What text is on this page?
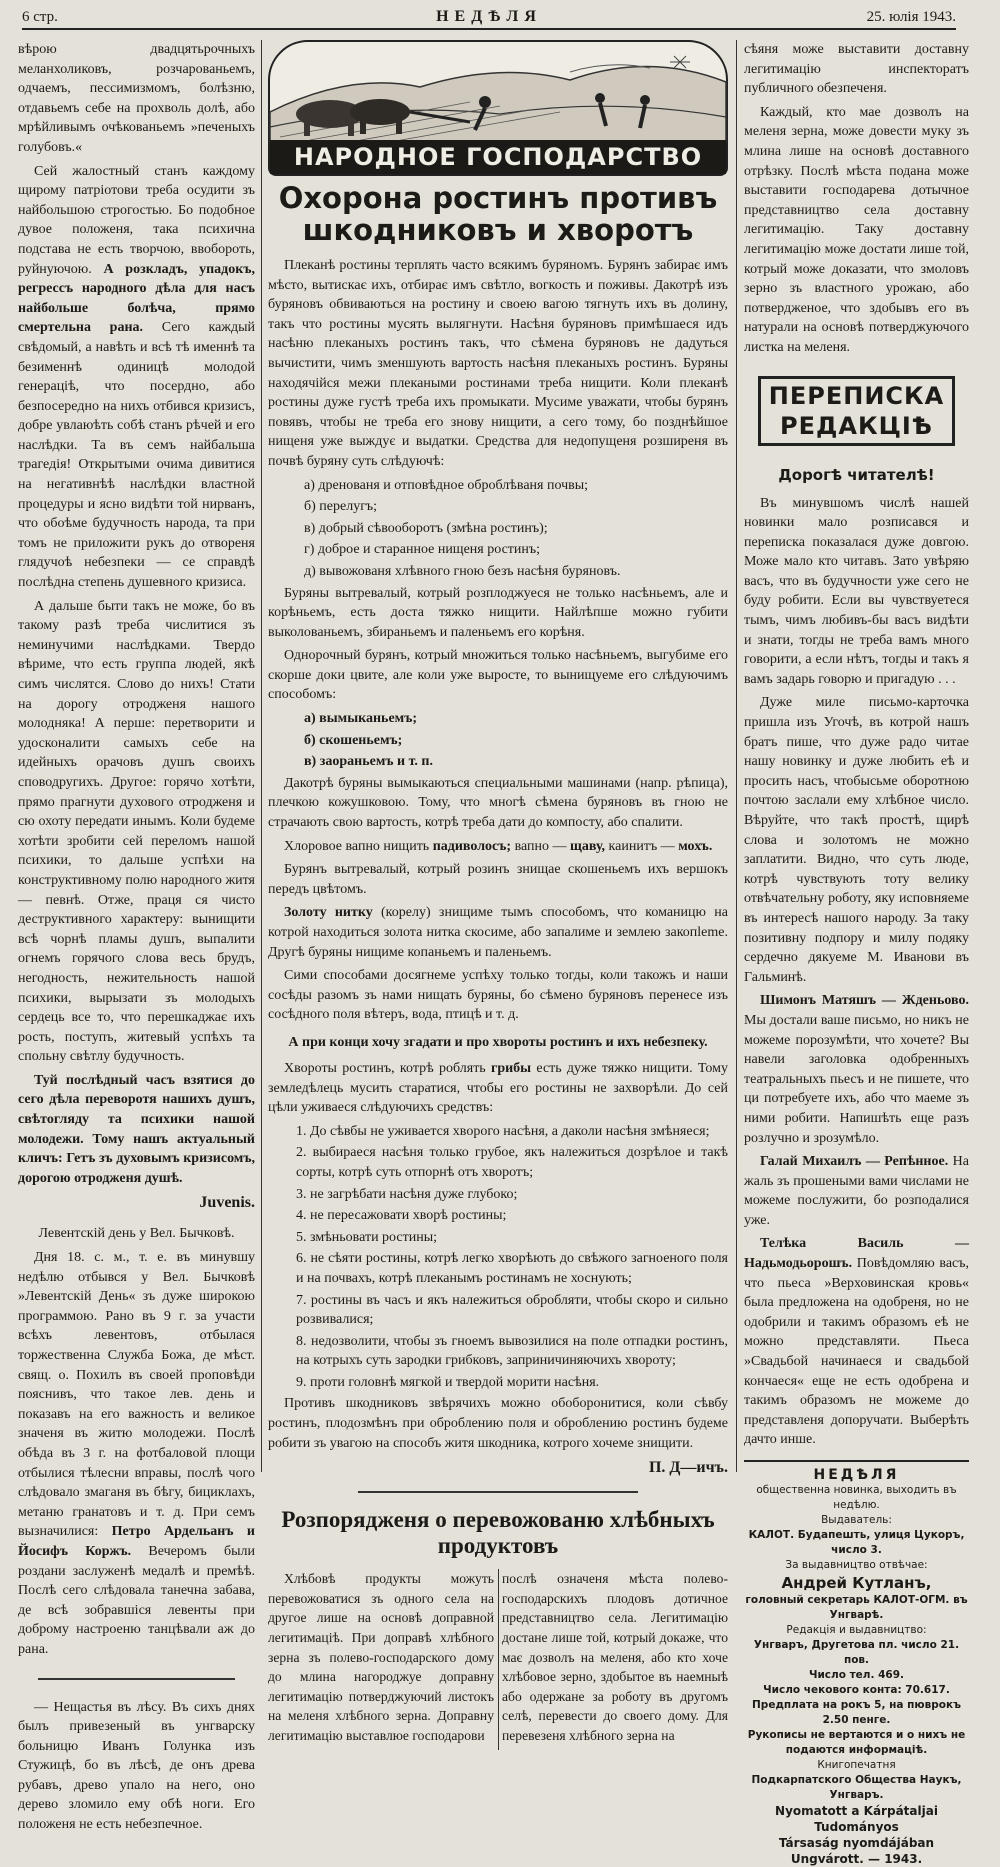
6 стр.	НЕДѢЛЯ	25. юлія 1943.

вѣрою двадцятьрочныхъ меланхоликовъ, розчарованьемъ, одчаемъ, пессимизмомъ, болѣзню, отдавьемъ себе на прохволь долѣ, або мрѣйливымъ очѣкованьемъ »печеныхъ голубовъ.«

Сей жалостный станъ каждому щирому патріотови треба осудити зъ найбольшою строгостью. Бо подобное дувое положеня, така психична подстава не есть творчою, ввобороть, руйнуючою. А розкладъ, упадокъ, регрессъ народного дѣла для насъ найбольше болѣча, прямо смертельна рана. Сего каждый свѣдомый, а навѣть и всѣ тѣ именнѣ та безименнѣ одиницѣ молодой генераціѣ, что посердно, або безпосередно на нихъ отбився кризисъ, добре увлаюѣть собѣ станъ рѣчей и его наслѣдки. Та въ семъ найбальша трагедія! Открытыми очима дивитися на негативнѣѣ наслѣдки властной процедуры и ясно видѣти той нирванъ, что обоѣме будучность народа, та при томъ не приложити рукъ до отвореня глядучоѣ небезпеки — се справдѣ послѣдна степень душевного кризиса.

А дальше быти такъ не може, бо въ такому разѣ треба числитися зъ неминучими наслѣдками. Твердо вѣриме, что есть группа людей, якѣ симъ числятся. Слово до нихъ! Стати на дорогу отродженя нашого молодняка! А перше: перетворити и удосконалити самыхъ себе на идейныхъ орачовъ душъ своихъ споводругихъ. Другое: горячо хотѣти, прямо прагнути духового отродженя и сю охоту передати инымъ. Коли будеме хотѣти зробити сей переломъ нашой психики, то дальше успѣхи на конструктивному полю народного житя — певнѣ. Отже, праця ся чисто деструктивного характеру: вынищити всѣ чорнѣ пламы душъ, выпалити огнемъ горячого слова весь брудъ, негодность, нежительность нашой психики, вырызати зъ молодыхъ сердець все то, что перешкаджає ихъ рость, поступъ, житевый успѣхъ та спольну свѣтлу будучность.

Туй послѣдный часъ взятися до сего дѣла переворотя нашихъ душъ, свѣтогляду та психики нашой молодежи. Тому нашъ актуальный кличъ: Гетъ зъ духовымъ кризисомъ, дорогою отродженя душѣ.

Juvenis.

Левентскій день у Вел. Бычковѣ.

Дня 18. с. м., т. е. въ минувшу недѣлю отбывся у Вел. Бычковѣ »Левентскій День« зъ дуже широкою программою. Рано въ 9 г. за участи всѣхъ левентовъ, отбылася торжественна Служба Божа, де мѣст. свящ. о. Похилъ въ своей проповѣди пояснивъ, что такое лев. день и показавъ на его важность и великое значеня въ житю молодежи. Послѣ обѣда въ 3 г. на фотбаловой площи отбылися тѣлесни вправы, послѣ чого слѣдовало змаганя въ бѣгу, бициклахъ, метаню гранатовъ и т. д. При семъ вызначилися: Петро Ардельанъ и Йосифъ Коржъ. Вечеромъ были роздани заслуженѣ медалѣ и премѣѣ. Послѣ сего слѣдовала танечна забава, де всѣ зобравшіся левенты при доброму настроеню танцѣвали аж до рана.

— Нещастья въ лѣсу. Въ сихъ днях былъ привезеный въ унгварску больницю Иванъ Голунка изъ Стужицѣ, бо въ лѣсѣ, де онъ древа рубавъ, древо упало на него, оно дерево зломило ему обѣ ноги. Его положеня не есть небезпечное.

НАРОДНОЕ ГОСПОДАРСТВО
Охорона ростинъ противъ
шкодниковъ и хворотъ

Плеканѣ ростины терплять часто всякимъ бурянoмъ. Бурянъ забирає имъ мѣсто, вытискає ихъ, отбирає имъ свѣтло, вогкость и поживы. Дакотрѣ изъ буряновъ обвиваються на ростину и своею вагою тягнуть ихъ въ долину, такъ что ростины мусять вылягнути. Насѣня буряновъ примѣшаеся идъ насѣню плеканыхъ ростинъ такъ, что сѣмена буряновъ не дадуться вычистити, чимъ зменшують вартость насѣня плеканыхъ ростинъ. Буряны находячійся межи плекаными ростинами треба нищити. Коли плеканѣ ростины дуже густѣ треба ихъ промыкати. Мусиме уважати, чтобы бурянъ повявъ, чтобы не треба его знову нищити, а сего тому, бо позднѣйшое нищеня уже выждує и выдатки. Средства для недопущеня розширеня въ почвѣ буряну суть слѣдуючѣ:

а) дренованя и отповѣдное оброблѣваня почвы;

б) перелугъ;

в) добрый сѣвооборотъ (змѣна ростинъ);

г) доброе и старанное нищеня ростинъ;

д) вывожованя хлѣвного гною безъ насѣня буряновъ.

Буряны вытревалый, котрый розплоджуеся не только насѣньемъ, але и корѣньемъ, есть доста тяжко нищити. Найлѣпше можно губити выколованьемъ, збираньемъ и паленьемъ его корѣня.

Однорочный бурянъ, котрый множиться только насѣньемъ, выгубиме его скорше доки цвите, але коли уже вырoсте, то вынищуеме его слѣдуючимъ способомъ:

а) вымыканьемъ;

б) скошеньемъ;

в) заораньемъ и т. п.

Дакотрѣ буряны вымыкаються специальными машинами (напр. рѣпица), плечкою кожушковою. Тому, что многѣ сѣмена буряновъ въ гною не страчають свою вартость, котрѣ треба дати до компосту, або спалити.

Хлоровое вапно нищить падиволосъ; вапно — щаву, каинитъ — мохъ.

Бурянъ вытревалый, котрый розинъ знищае скошеньемъ ихъ вершокъ передъ цвѣтомъ.

Золоту нитку (корелу) знищиме тымъ способомъ, что команицю на котрой находиться золота нитка скосиме, або запалиме и землею закопleme. Другѣ буряны нищиме копаньемъ и паленьемъ.

Сими способами досягнеме успѣху только тогды, коли такожъ и наши сосѣды разомъ зъ нами нищать буряны, бо сѣмено буряновъ перенесе изъ сосѣдного поля вѣтеръ, вода, птицѣ и т. д.

А при конци хочу згадати и про хвороты ростинъ и ихъ небезпеку.

Хвороты ростинъ, котрѣ роблять грибы есть дуже тяжко нищити. Тому земледѣлець мусить старатися, чтобы его ростины не захворѣли. До сей цѣли уживаеся слѣдуючихъ средствъ:

1. До сѣвбы не уживается хвoрого насѣня, а даколи насѣня змѣняеся;

2. выбираеся насѣня только грубое, якъ належиться дозрѣлое и такѣ сорты, котрѣ суть отпорнѣ отъ хворотъ;

3. не загрѣбати насѣня дуже глубоко;

4. не пересажовати хворѣ ростины;

5. змѣньовати ростины;

6. не сѣяти ростины, котрѣ легко хворѣють до свѣжого загноеного поля и на почвахъ, котрѣ плеканымъ ростинамъ не хоснують;

7. ростины въ часъ и якъ належиться обробляти, чтобы скоро и сильно розвивалися;

8. недозволити, чтобы зъ гноемъ вывозилися на поле отпадки ростинъ, на котрыхъ суть зародки грибковъ, заприничиняючихъ хвороту;

9. проти головнѣ мягкой и твердой морити насѣня.

Противъ шкодниковъ звѣрячихъ можно обоборонитися, коли сѣвбу ростинъ, плодозмѣнъ при оброблению поля и оброблению ростинъ будеме робити зъ увагою на способъ житя шкодника, котрого хочеме знищити.

П. Д—ичъ.
Розпорядженя о перевожованю хлѣбныхъ
продуктовъ

Хлѣбовѣ продукты можуть перевожоватися зъ одного села на другое лише на основѣ доправной легитимаціѣ. При доправѣ хлѣбного зерна зъ полево-господарского дому до млина нагороджуе доправну легитимацію потверджуючий листокъ на меленя хлѣбного зерна. Доправну легитимацію выставлюе господарови

послѣ означеня мѣста полево-господарскихъ плодовъ дотичное представництво села. Легитимацію достане лише той, котрый докаже, что має дозволъ на меленя, або кто хоче хлѣбовое зерно, здобытое въ наемныѣ або одержане за роботу въ другомъ селѣ, перевести до своего дому. Для перевезеня хлѣбного зерна на

сѣяня може выставити доставну легитимацію инспекторатъ публичного обезпеченя.

Каждый, кто мае дозволъ на меленя зерна, може довести муку зъ млина лише на основѣ доставного отрѣзку. Послѣ мѣста подана може выставити господарева дотычное представництво села доставну легитимацію. Таку доставну легитимацію може достати лише той, котрый може доказати, что змоловъ зерно зъ властного урожаю, або потвердженое, что здобывъ его въ натурали на основѣ потверджуючого листка на меленя.

ПЕРЕПИСКА
РЕДАКЦІѢ
Дорогѣ читателѣ!

Въ минувшомъ числѣ нашей новинки мало розписався и переписка показалася дуже довгою. Може мало кто читавъ. Зато увѣряю васъ, что въ будучности уже сего не буду робити. Если вы чувствуетеся тымъ, чимъ любивъ-бы васъ видѣти и знати, тогды не треба вамъ много говорити, а если нѣтъ, тогды и такъ я вамъ задарь говорю и пригадую . . .

Дуже миле письмо-карточка пришла изъ Угочѣ, въ котрой нашъ братъ пише, что дуже радо читае нашу новинку и дуже любить еѣ и просить насъ, чтобысьме оборотною почтою заслали ему хлѣбное число. Вѣруйте, что такѣ простѣ, щирѣ слова и золотомъ не можно заплатити. Видно, что суть люде, котрѣ чувствують тоту велику отвѣчательну роботу, яку исповняеме въ интересѣ нашого народу. За таку позитивну подпору и милу подяку сердечно дякуеме М. Иванови въ Гальминѣ.

Шимонъ Матяшъ — Жденьово. Мы достали ваше письмо, но никъ не можеме порозумѣти, что хочете? Вы навели заголовка одобренныхъ театральныхъ пьесъ и не пишете, что ци потребуете ихъ, або что маеме зъ ними робити. Напишѣть еще разъ розлучно и зрозумѣло.

Галай Михаилъ — Репѣнное. На жаль зъ прошеными вами числами не можеме послужити, бо розподалися уже.

Телѣка Василь — Надьмодьорошъ. Повѣдомляю васъ, что пьеса »Верховинская кровь« была предложена на одобреня, но не одобрили и такимъ образомъ еѣ не можно представляти. Пьеса »Свадьбой начинаеся и свадьбой кончаеся« еще не есть одобрена и такимъ образомъ не можеме до представленя допоручати. Выберѣть дачто инше.

НЕДѢЛЯ
общественна новинка, выходить въ недѣлю.
Выдаватель:
КАЛОТ. Будапешть, улиця Цукоръ, число 3.
За выдавництво отвѣчае:
Андрей Кутланъ,
головный секретарь КАЛОТ-ОГМ. въ Унгварѣ.
Редакція и выдавництво:
Унгваръ, Другетова пл. число 21. пов.
Число тел. 469.
Число чекового конта: 70.617.
Предплата на рокъ 5, на пюврокъ 2.50 пенге.
Рукописы не вертаются и о нихъ не подаются информаціѣ.
Книгопечатня
Подкарпатского Общества Наукъ, Унгваръ.
Nyomatott a Kárpátaljai Tudományos
Társaság nyomdájában
Ungvárott. — 1943.
